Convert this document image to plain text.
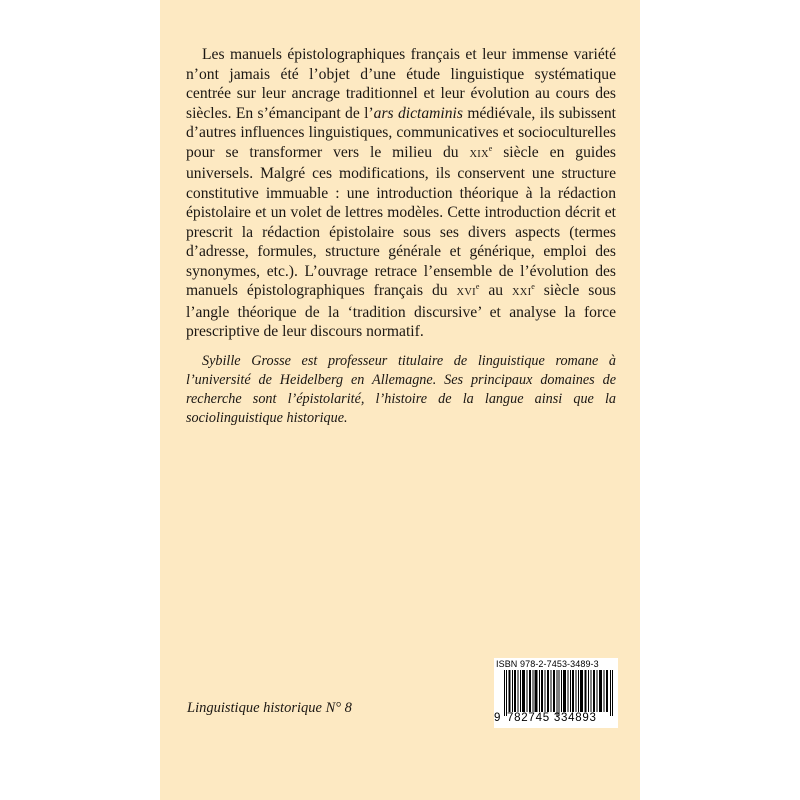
Les manuels épistolographiques français et leur immense variété n’ont jamais été l’objet d’une étude linguistique systématique centrée sur leur ancrage traditionnel et leur évolution au cours des siècles. En s’émancipant de l’ars dictaminis médiévale, ils subissent d’autres influences linguistiques, communicatives et socioculturelles pour se transformer vers le milieu du XIXe siècle en guides universels. Malgré ces modifications, ils conservent une structure constitutive immuable : une introduction théorique à la rédaction épistolaire et un volet de lettres modèles. Cette introduction décrit et prescrit la rédaction épistolaire sous ses divers aspects (termes d’adresse, formules, structure générale et générique, emploi des synonymes, etc.). L’ouvrage retrace l’ensemble de l’évolution des manuels épistolographiques français du XVIe au XXIe siècle sous l’angle théorique de la ‘tradition discursive’ et analyse la force prescriptive de leur discours normatif.

Sybille Grosse est professeur titulaire de linguistique romane à l’université de Heidelberg en Allemagne. Ses principaux domaines de recherche sont l’épistolarité, l’histoire de la langue ainsi que la sociolinguistique historique.

Linguistique historique N° 8
ISBN 978-2-7453-3489-3
9 782745 334893
